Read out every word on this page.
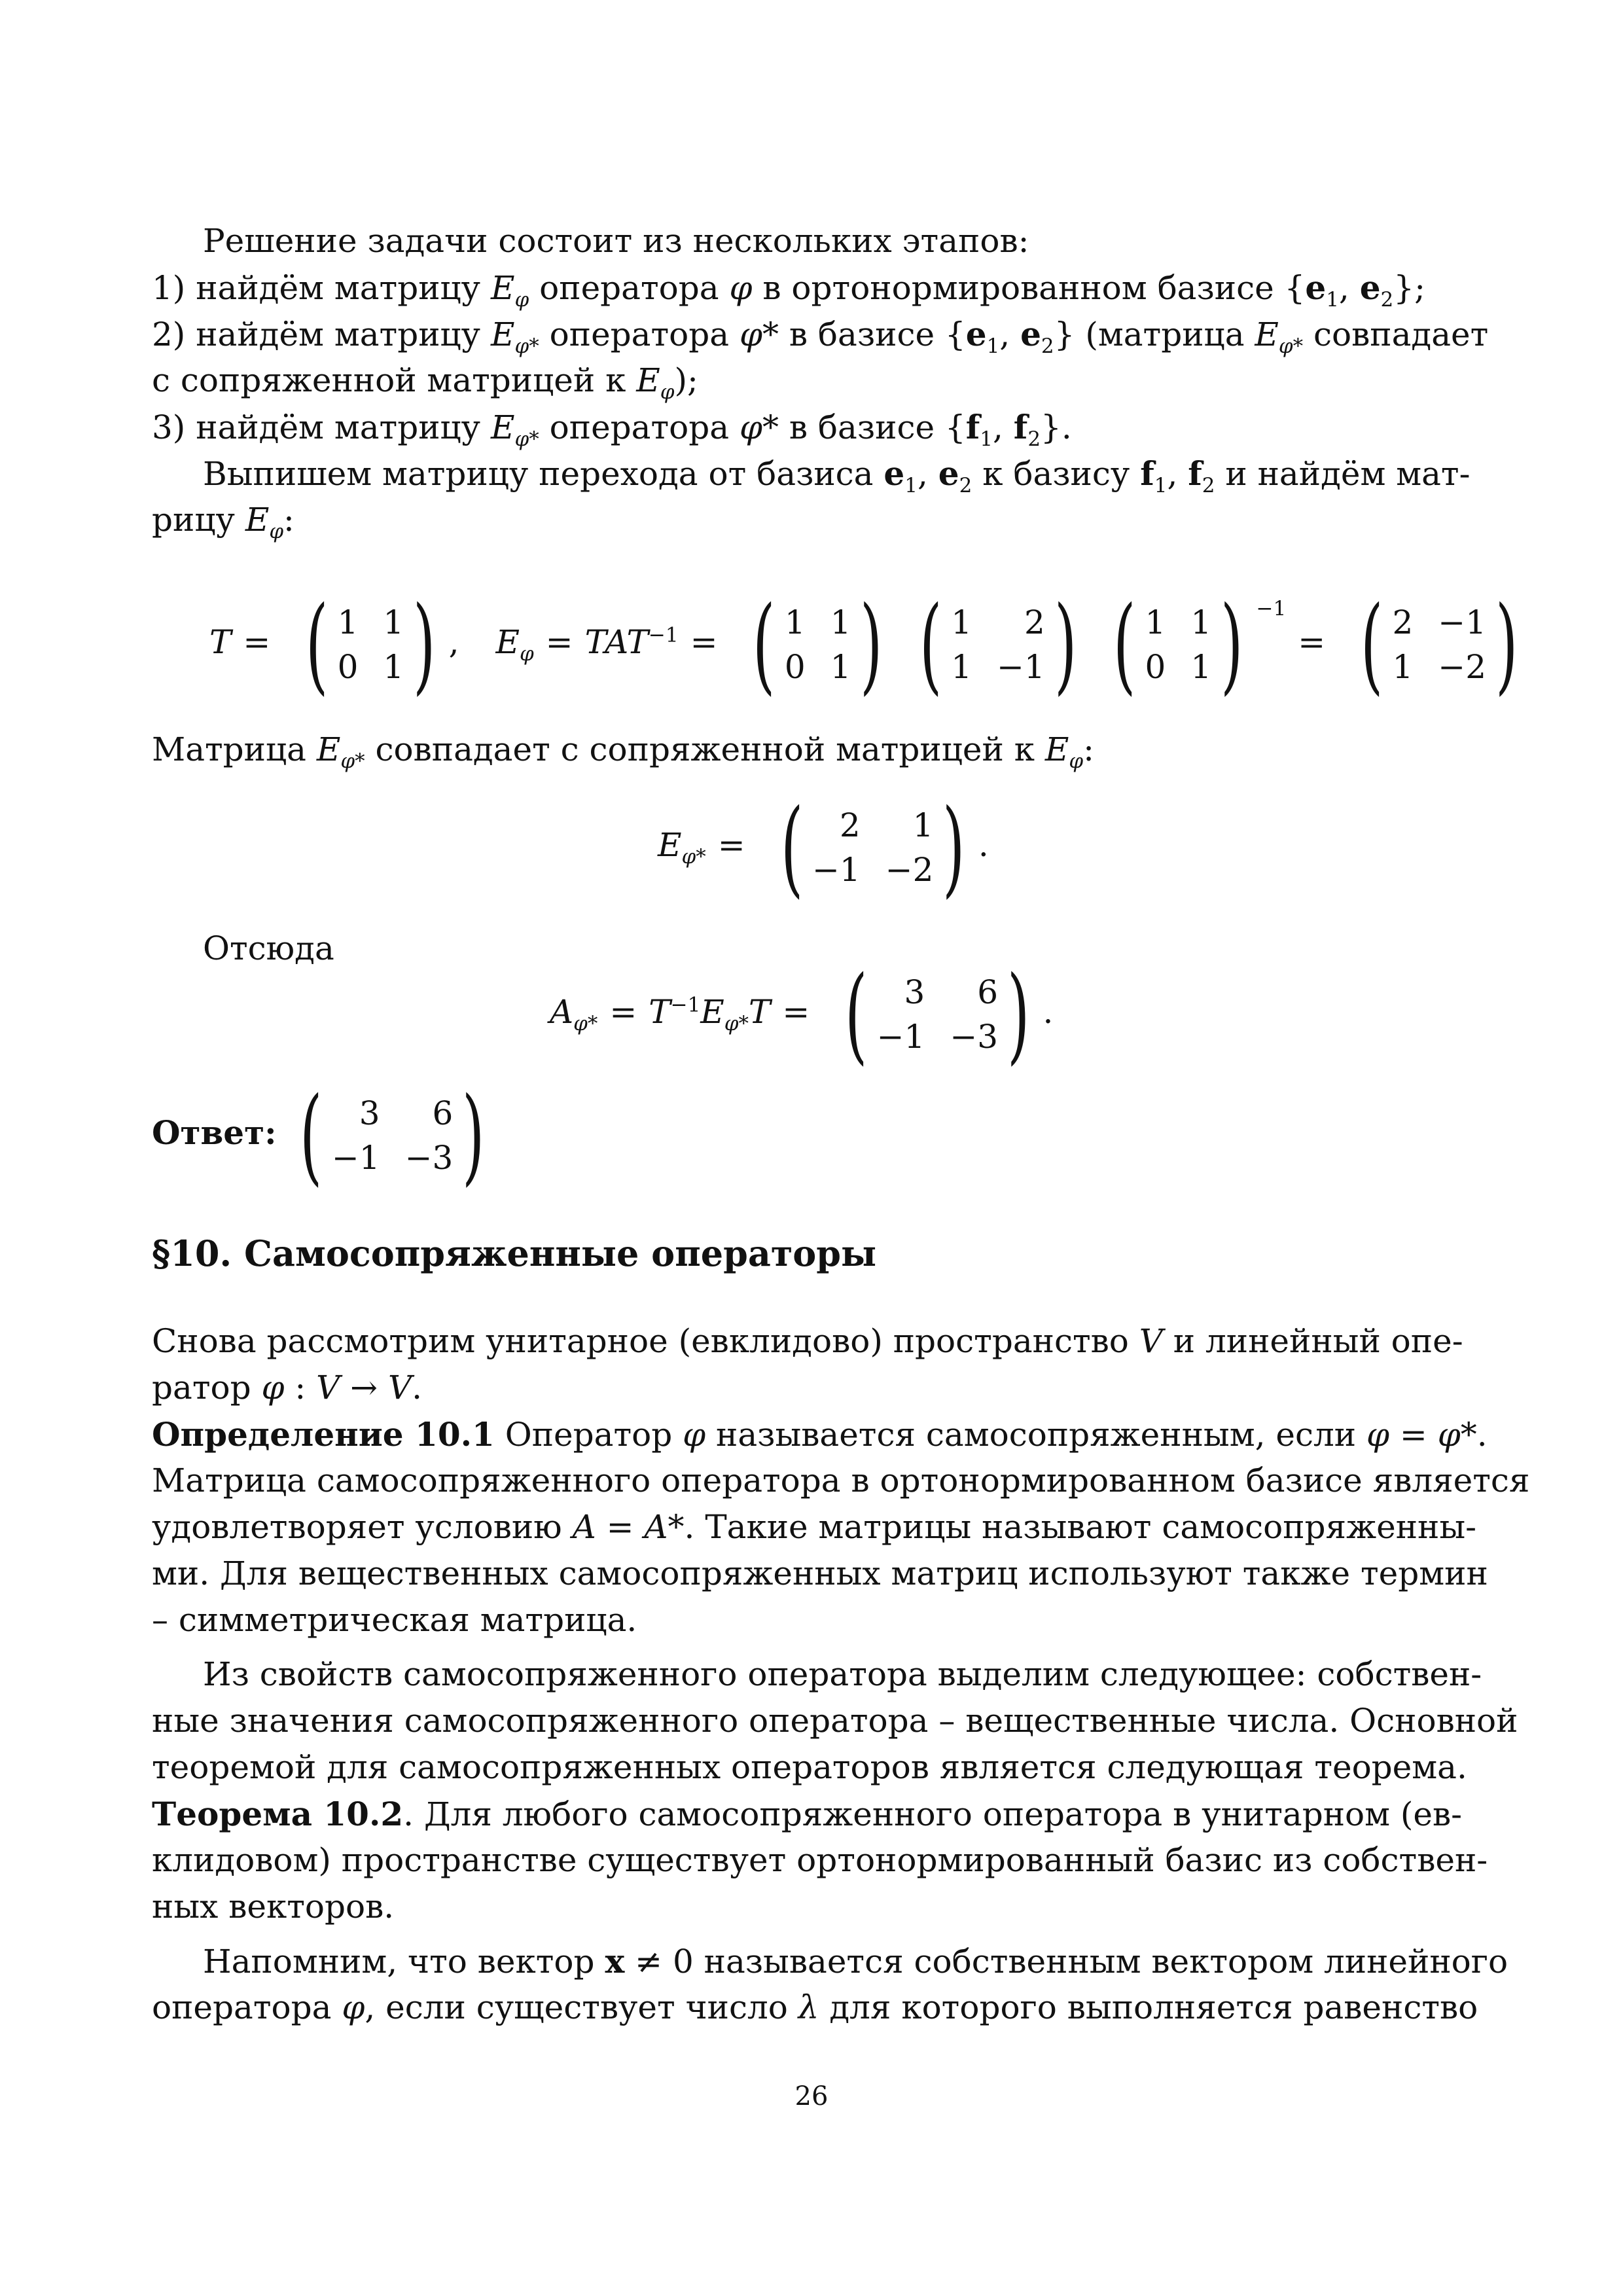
Решение задачи состоит из нескольких этапов:
1) найдём матрицу $E_\varphi$ оператора φ в ортонормированном базисе {$e_1$, $e_2$};
2) найдём матрицу $E_{\varphi*}$ оператора φ* в базисе {$e_1$, $e_2$} (матрица $E_{\varphi*}$ совпадает
с сопряженной матрицей к $E_\varphi$);
3) найдём матрицу $E_{\varphi*}$ оператора φ* в базисе {$f_1$, $f_2$}.
Выпишем матрицу перехода от базиса $e_1$, $e_2$ к базису $f_1$, $f_2$ и найдём мат-
рицу $E_\varphi$:
T = ( 1 1
0 1 ) , $E_\varphi = TAT^{-1}$ = ( 1 1
0 1 )
( 1	2
1 −1 )
( 1 1
0 1 ) $^{-1}$= ( 2 −1
1 −2 )
Матрица $E_{\varphi*}$ совпадает с сопряженной матрицей к $E_\varphi$:
$E_{\varphi*}$ = (	2	1
−1 −2 ) .
Отсюда
$A_{\varphi*} = T^{-1}E_{\varphi*}T$ = (	3	6
−1 −3 ) .
Ответ: (	3	6
−1 −3 )
§10. Самосопряженные операторы
Снова рассмотрим унитарное (евклидово) пространство V и линейный опе-
ратор φ : V → V.
Определение 10.1 Оператор φ называется самосопряженным, если φ = φ*.
Матрица самосопряженного оператора в ортонормированном базисе является
удовлетворяет условию A = A*. Такие матрицы называют самосопряженны-
ми. Для вещественных самосопряженных матриц используют также термин
– симметрическая матрица.
Из свойств самосопряженного оператора выделим следующее: собствен-
ные значения самосопряженного оператора – вещественные числа. Основной
теоремой для самосопряженных операторов является следующая теорема.
Теорема 10.2. Для любого самосопряженного оператора в унитарном (ев-
клидовом) пространстве существует ортонормированный базис из собствен-
ных векторов.
Напомним, что вектор x ≠ 0 называется собственным вектором линейного
оператора φ, если существует число λ для которого выполняется равенство
26
